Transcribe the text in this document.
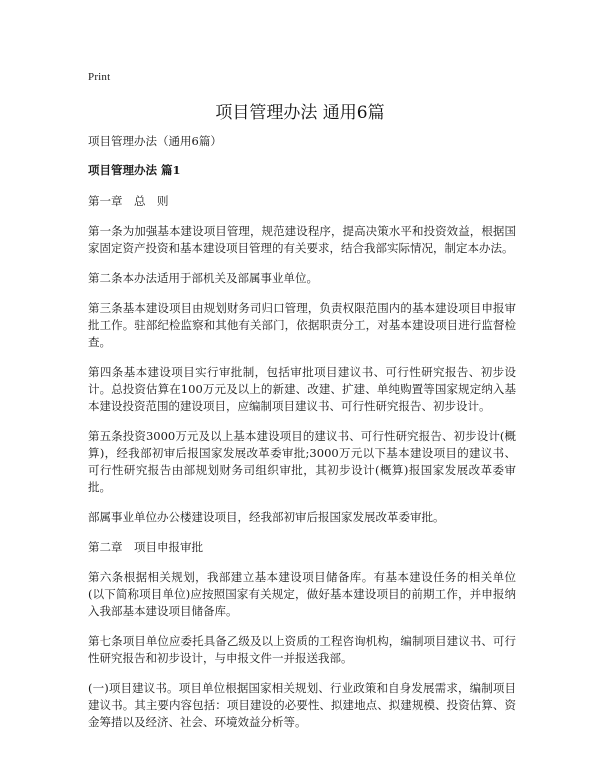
Print
项目管理办法 通用6篇

项目管理办法（通用6篇）

项目管理办法 篇1

第一章　总　则

第一条为加强基本建设项目管理，规范建设程序，提高决策水平和投资效益，根据国家固定资产投资和基本建设项目管理的有关要求，结合我部实际情况，制定本办法。

第二条本办法适用于部机关及部属事业单位。

第三条基本建设项目由规划财务司归口管理，负责权限范围内的基本建设项目申报审批工作。驻部纪检监察和其他有关部门，依据职责分工，对基本建设项目进行监督检查。

第四条基本建设项目实行审批制，包括审批项目建议书、可行性研究报告、初步设计。总投资估算在100万元及以上的新建、改建、扩建、单纯购置等国家规定纳入基本建设投资范围的建设项目，应编制项目建议书、可行性研究报告、初步设计。

第五条投资3000万元及以上基本建设项目的建议书、可行性研究报告、初步设计(概算)，经我部初审后报国家发展改革委审批;3000万元以下基本建设项目的建议书、可行性研究报告由部规划财务司组织审批，其初步设计(概算)报国家发展改革委审批。

部属事业单位办公楼建设项目，经我部初审后报国家发展改革委审批。

第二章　项目申报审批

第六条根据相关规划，我部建立基本建设项目储备库。有基本建设任务的相关单位(以下简称项目单位)应按照国家有关规定，做好基本建设项目的前期工作，并申报纳入我部基本建设项目储备库。

第七条项目单位应委托具备乙级及以上资质的工程咨询机构，编制项目建议书、可行性研究报告和初步设计，与申报文件一并报送我部。

(一)项目建议书。项目单位根据国家相关规划、行业政策和自身发展需求，编制项目建议书。其主要内容包括：项目建设的必要性、拟建地点、拟建规模、投资估算、资金筹措以及经济、社会、环境效益分析等。
